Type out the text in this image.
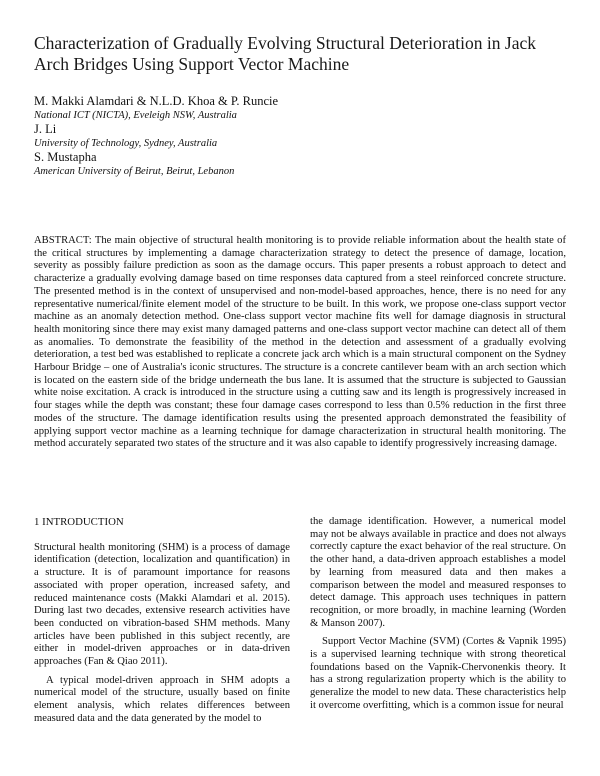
Characterization of Gradually Evolving Structural Deterioration in Jack Arch Bridges Using Support Vector Machine
M. Makki Alamdari & N.L.D. Khoa & P. Runcie
National ICT (NICTA), Eveleigh NSW, Australia
J. Li
University of Technology, Sydney, Australia
S. Mustapha
American University of Beirut, Beirut, Lebanon
ABSTRACT: The main objective of structural health monitoring is to provide reliable information about the health state of the critical structures by implementing a damage characterization strategy to detect the presence of damage, location, severity as possibly failure prediction as soon as the damage occurs. This paper presents a robust approach to detect and characterize a gradually evolving damage based on time responses data captured from a steel reinforced concrete structure. The presented method is in the context of unsupervised and non-model-based approaches, hence, there is no need for any representative numerical/finite element model of the structure to be built. In this work, we propose one-class support vector machine as an anomaly detection method. One-class support vector machine fits well for damage diagnosis in structural health monitoring since there may exist many damaged patterns and one-class support vector machine can detect all of them as anomalies. To demonstrate the feasibility of the method in the detection and assessment of a gradually evolving deterioration, a test bed was established to replicate a concrete jack arch which is a main structural component on the Sydney Harbour Bridge – one of Australia's iconic structures. The structure is a concrete cantilever beam with an arch section which is located on the eastern side of the bridge underneath the bus lane. It is assumed that the structure is subjected to Gaussian white noise excitation. A crack is introduced in the structure using a cutting saw and its length is progressively increased in four stages while the depth was constant; these four damage cases correspond to less than 0.5% reduction in the first three modes of the structure. The damage identification results using the presented approach demonstrated the feasibility of applying support vector machine as a learning technique for damage characterization in structural health monitoring. The method accurately separated two states of the structure and it was also capable to identify progressively increasing damage.
1 INTRODUCTION

Structural health monitoring (SHM) is a process of damage identification (detection, localization and quantification) in a structure. It is of paramount importance for reasons associated with proper operation, increased safety, and reduced maintenance costs (Makki Alamdari et al. 2015). During last two decades, extensive research activities have been conducted on vibration-based SHM methods. Many articles have been published in this subject recently, are either in model-driven approaches or in data-driven approaches (Fan & Qiao 2011).

A typical model-driven approach in SHM adopts a numerical model of the structure, usually based on finite element analysis, which relates differences between measured data and the data generated by the model to

the damage identification. However, a numerical model may not be always available in practice and does not always correctly capture the exact behavior of the real structure. On the other hand, a data-driven approach establishes a model by learning from measured data and then makes a comparison between the model and measured responses to detect damage. This approach uses techniques in pattern recognition, or more broadly, in machine learning (Worden & Manson 2007).

Support Vector Machine (SVM) (Cortes & Vapnik 1995) is a supervised learning technique with strong theoretical foundations based on the Vapnik-Chervonenkis theory. It has a strong regularization property which is the ability to generalize the model to new data. These characteristics help it overcome overfitting, which is a common issue for neural
